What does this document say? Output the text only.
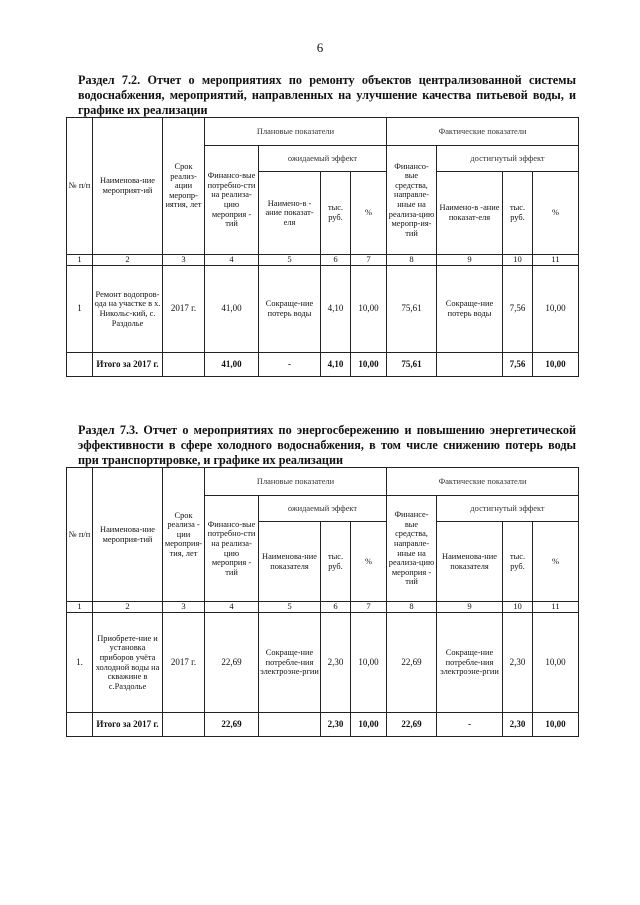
6
Раздел 7.2. Отчет о мероприятиях по ремонту объектов централизованной системы водоснабжения, мероприятий, направленных на улучшение качества питьевой воды, и графике их реализации
№ п/п	Наименова-ние мероприят-ий	Срок реализ-ации меропр-иятия, лет	Плановые показатели				Фактические показатели			
			Финансо-вые потребно-сти на реализа-цию мероприя - тий	ожидаемый эффект			Финансо-вые средства, направле-нные на реализа-цию меропр-ия-тий	достигнутый эффект		
				Наимено-в - ание показат-еля	тыс. руб.	%		Наимено-в -ание показат-еля	тыс. руб.	%
1	2	3	4	5	6	7	8	9	10	11
1	Ремонт водопров-ода на участке в х. Никольс-кий, с. Раздолье	2017 г.	41,00	Сокраще-ние потерь воды	4,10	10,00	75,61	Сокраще-ние потерь воды	7,56	10,00
	Итого за 2017 г.		41,00	-	4,10	10,00	75,61		7,56	10,00
Раздел 7.3. Отчет о мероприятиях по энергосбережению и повышению энергетической эффективности в сфере холодного водоснабжения, в том числе снижению потерь воды при транспортировке, и графике их реализации
№ п/п	Наименова-ние мероприя-тий	Срок реализа - ции мероприя-тия, лет	Плановые показатели				Фактические показатели			
			Финансо-вые потребно-сти на реализа-цию мероприя - тий	ожидаемый эффект			Финансе-вые средства, направле-нные на реализа-цию мероприя - тий	достигнутый эффект		
				Наименова-ние показателя	тыс. руб.	%		Наименова-ние показателя	тыс. руб.	%
1	2	3	4	5	6	7	8	9	10	11
1.	Приобрете-ние и установка приборов учёта холодной воды на скважине в с.Раздолье	2017 г.	22,69	Сокраще-ние потребле-ния электроэне-ргии	2,30	10,00	22,69	Сокраще-ние потребле-ния электроэне-ргии	2,30	10,00
	Итого за 2017 г.		22,69		2,30	10,00	22,69	-	2,30	10,00
